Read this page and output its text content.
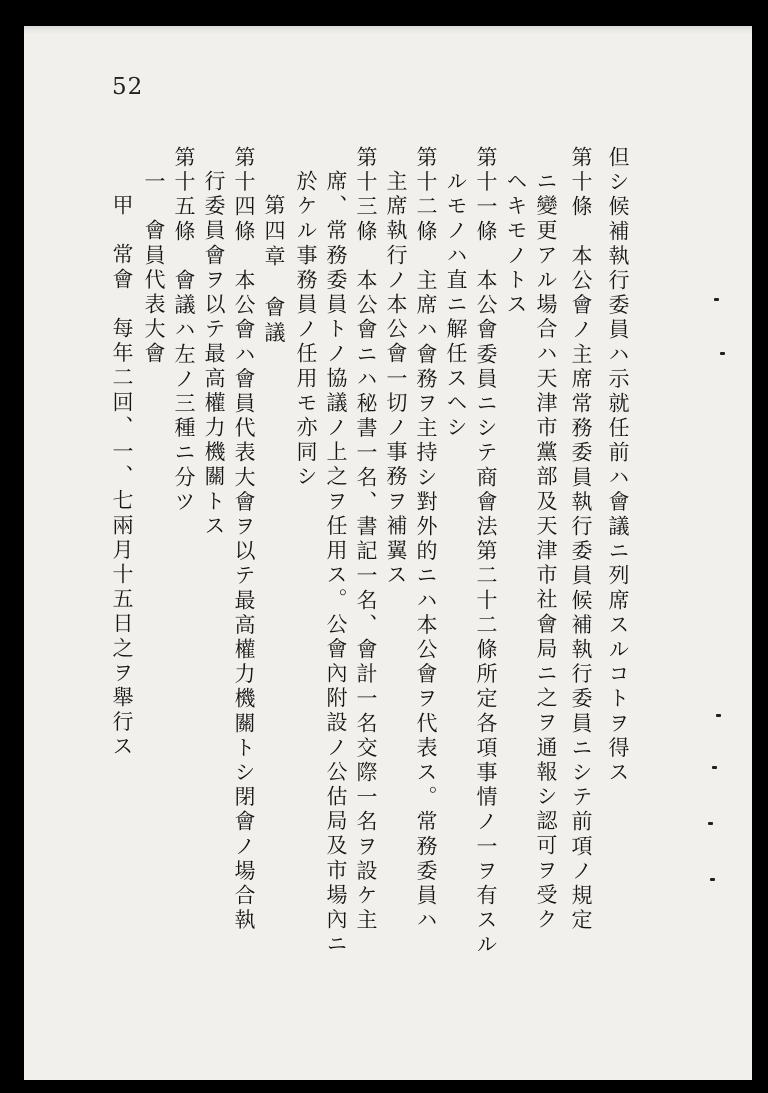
52
但シ候補執行委員ハ示就任前ハ會議ニ列席スルコトヲ得ス
第十條　本公會ノ主席常務委員執行委員候補執行委員ニシテ前項ノ規定
ニ變更アル場合ハ天津市黨部及天津市社會局ニ之ヲ通報シ認可ヲ受ク
ヘキモノトス
第十一條　本公會委員ニシテ商會法第二十二條所定各項事情ノ一ヲ有スル
ルモノハ直ニ解任スヘシ
第十二條　主席ハ會務ヲ主持シ對外的ニハ本公會ヲ代表ス。常務委員ハ
主席執行ノ本公會一切ノ事務ヲ補翼ス
第十三條　本公會ニハ秘書一名、書記一名、會計一名交際一名ヲ設ケ主
席、常務委員トノ協議ノ上之ヲ任用ス。公會內附設ノ公估局及市場內ニ
於ケル事務員ノ任用モ亦同シ
第四章　會議
第十四條　本公會ハ會員代表大會ヲ以テ最高權力機關トシ閉會ノ場合執
行委員會ヲ以テ最高權力機關トス
第十五條　會議ハ左ノ三種ニ分ツ
一　會員代表大會
甲　常會　每年二回、一、七兩月十五日之ヲ舉行ス
